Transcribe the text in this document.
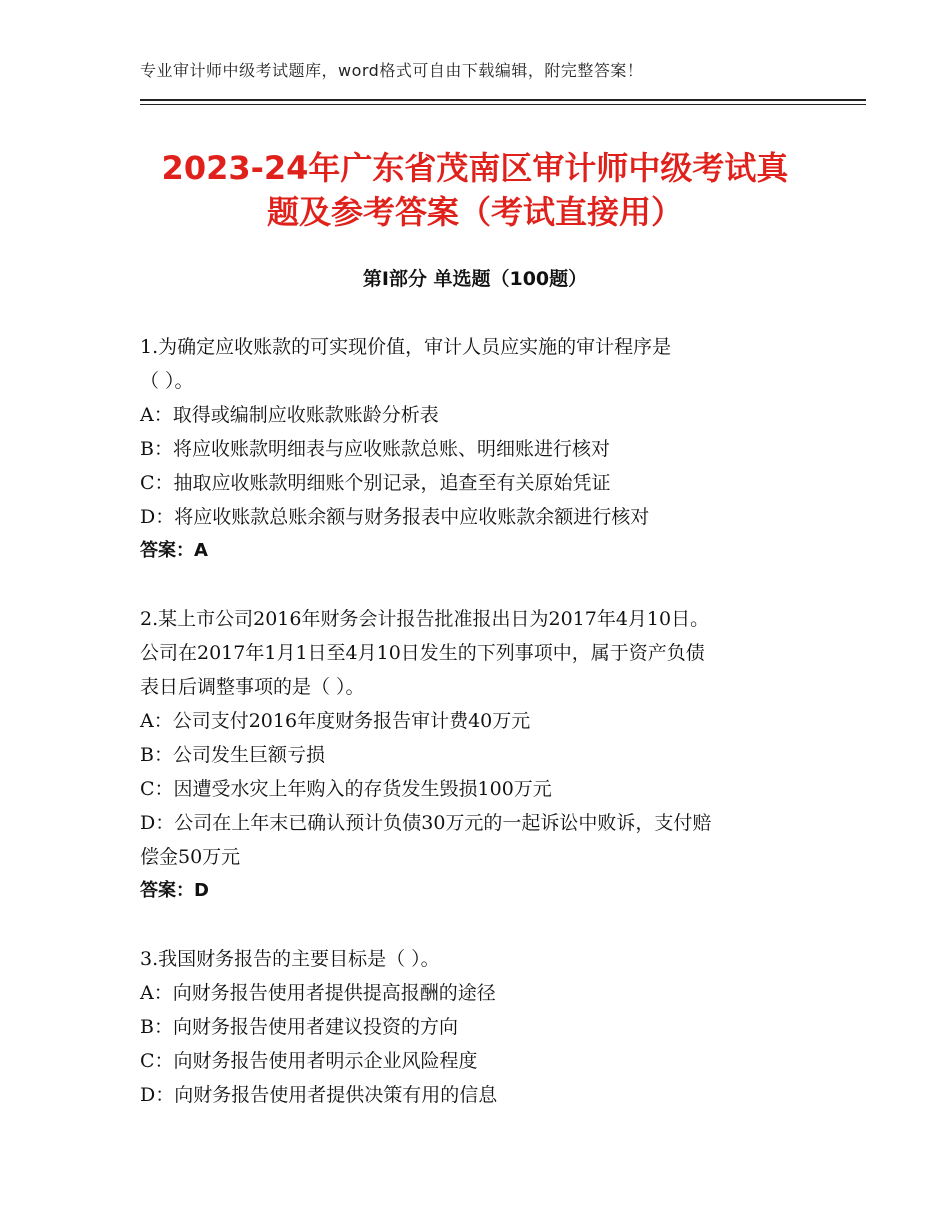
专业审计师中级考试题库，word格式可自由下载编辑，附完整答案！
2023-24年广东省茂南区审计师中级考试真
题及参考答案（考试直接用）
第Ⅰ部分 单选题（100题）
1.为确定应收账款的可实现价值，审计人员应实施的审计程序是
（ ）。
A：取得或编制应收账款账龄分析表
B：将应收账款明细表与应收账款总账、明细账进行核对
C：抽取应收账款明细账个别记录，追查至有关原始凭证
D：将应收账款总账余额与财务报表中应收账款余额进行核对
答案：A
2.某上市公司2016年财务会计报告批准报出日为2017年4月10日。
公司在2017年1月1日至4月10日发生的下列事项中，属于资产负债
表日后调整事项的是（ ）。
A：公司支付2016年度财务报告审计费40万元
B：公司发生巨额亏损
C：因遭受水灾上年购入的存货发生毁损100万元
D：公司在上年末已确认预计负债30万元的一起诉讼中败诉，支付赔
偿金50万元
答案：D
3.我国财务报告的主要目标是（ ）。
A：向财务报告使用者提供提高报酬的途径
B：向财务报告使用者建议投资的方向
C：向财务报告使用者明示企业风险程度
D：向财务报告使用者提供决策有用的信息
